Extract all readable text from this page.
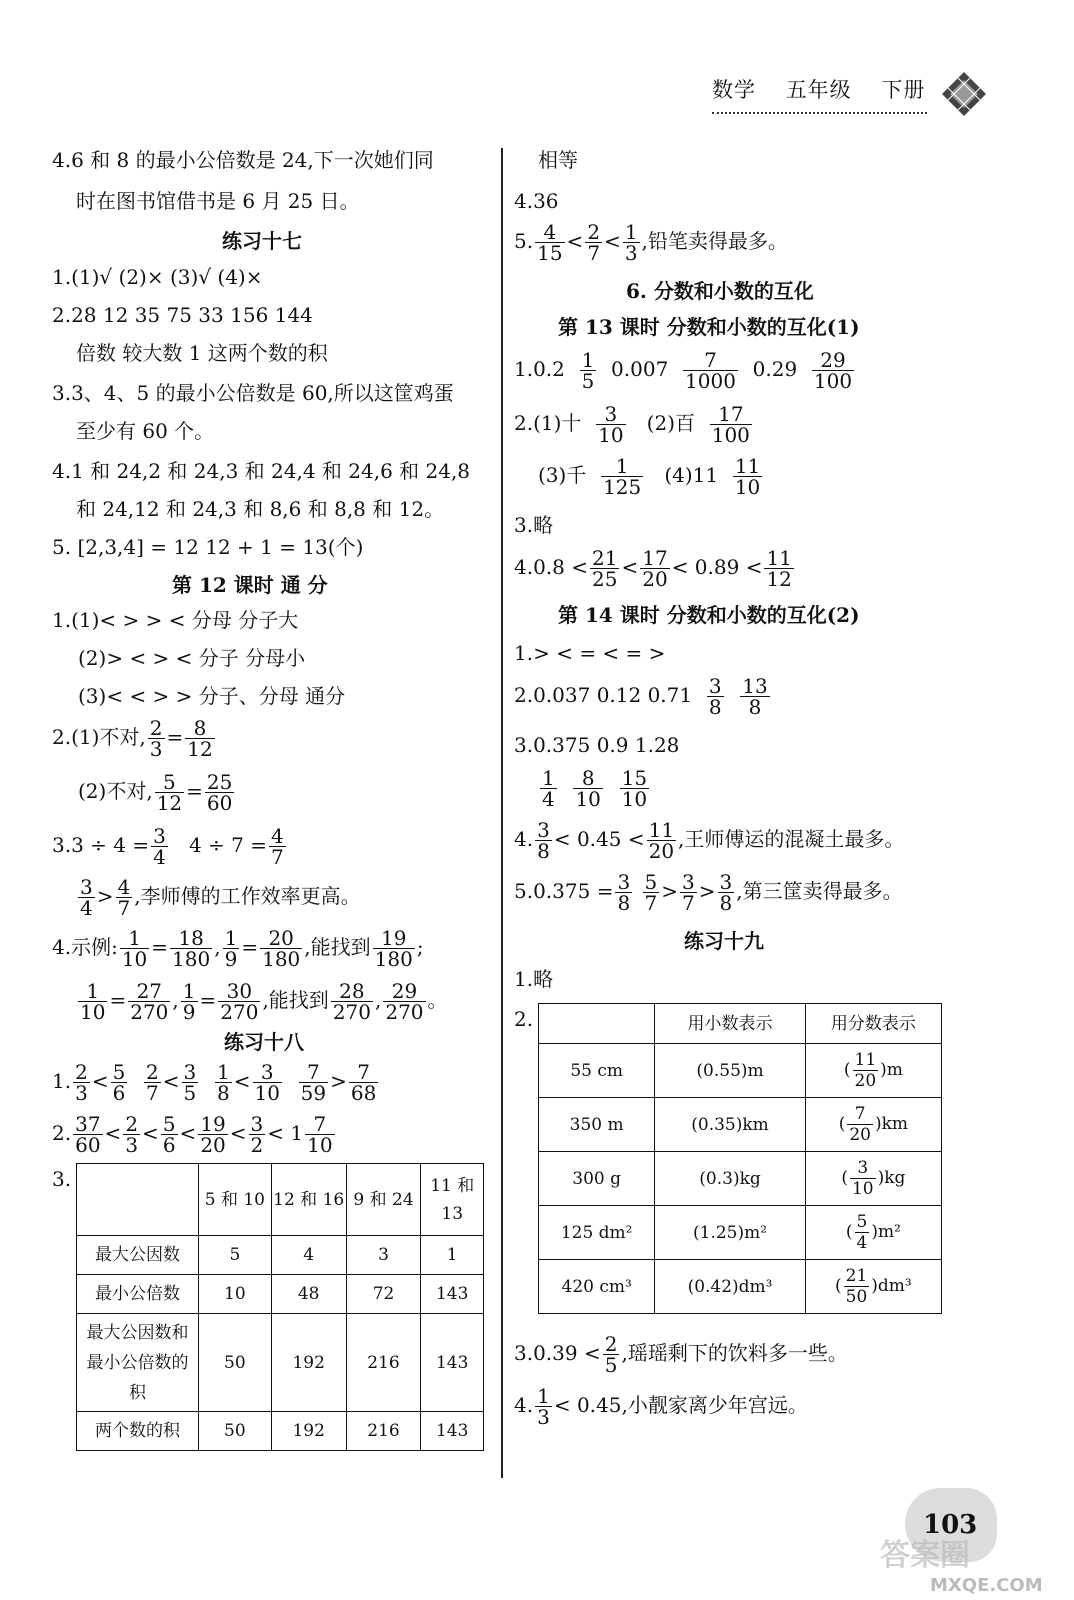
数学 五年级 下册
4.6 和 8 的最小公倍数是 24,下一次她们同
时在图书馆借书是 6 月 25 日。
练习十七
1.(1)√ (2)× (3)√ (4)×
2.28 12 35 75 33 156 144
倍数 较大数 1 这两个数的积
3.3、4、5 的最小公倍数是 60,所以这筐鸡蛋
至少有 60 个。
4.1 和 24,2 和 24,3 和 24,4 和 24,6 和 24,8
和 24,12 和 24,3 和 8,6 和 8,8 和 12。
5. [2,3,4] = 12 12 + 1 = 13(个)
第 12 课时 通 分
1.(1)< > > < 分母 分子大
(2)> < > < 分子 分母小
(3)< < > > 分子、分母 通分
2.(1)不对, $\frac{2}{3} = \frac{8}{12}$
(2)不对, $\frac{5}{12} = \frac{25}{60}$
$3.3 \div 4 = \frac{3}{4} 4 \div 7 = \frac{4}{7}$
$\frac{3}{4} > \frac{4}{7}$ ,李师傅的工作效率更高。
4.示例: $\frac{1}{10} = \frac{18}{180}$ , $\frac{1}{9} = \frac{20}{180}$ ,能找到 $\frac{19}{180}$ ;
$\frac{1}{10} = \frac{27}{270}$ , $\frac{1}{9} = \frac{30}{270}$ ,能找到 $\frac{28}{270}$ , $\frac{29}{270}$ 。
练习十八
1. $\frac{2}{3} < \frac{5}{6}$
$\frac{2}{7} < \frac{3}{5}$
$\frac{1}{8} < \frac{3}{10}$
$\frac{7}{59} > \frac{7}{68}$
2. $\frac{37}{60} < \frac{2}{3} < \frac{5}{6} < \frac{19}{20} < \frac{3}{2} < 1 \frac{7}{10}$
3.
	5 和 10	12 和 16	9 和 24	11 和 13
最大公因数	5	4	3	1
最小公倍数	10	48	72	143
最大公因数和最小公倍数的积	50	192	216	143
两个数的积	50	192	216	143
相等
4.36
5. $\frac{4}{15} < \frac{2}{7} < \frac{1}{3}$ ,铅笔卖得最多。
6. 分数和小数的互化
第 13 课时 分数和小数的互化(1)
$1.0.2 \frac{1}{5} 0.007 \frac{7}{1000} 0.29 \frac{29}{100}$
2.(1)十 $\frac{3}{10} (2)$百 $\frac{17}{100}$
(3)千 $\frac{1}{125} (4)11 \frac{11}{10}$
3.略
$4.0.8 < \frac{21}{25} < \frac{17}{20} < 0.89 < \frac{11}{12}$
第 14 课时 分数和小数的互化(2)
1.> < = < = >
2.0.037 0.12 $0.71 \frac{3}{8}$
$\frac{13}{8}$
3.0.375 0.9 1.28
$\frac{1}{4}$
$\frac{8}{10}$
$\frac{15}{10}$
4. $\frac{3}{8} < 0.45 < \frac{11}{20}$ ,王师傅运的混凝土最多。
$5.0.375 = \frac{3}{8}$
$\frac{5}{7} > \frac{3}{7} > \frac{3}{8}$ ,第三筐卖得最多。
练习十九
1.略
2.
		用小数表示	用分数表示
55 cm	(0.55)m	( $\frac{11}{20} )m$
350 m	(0.35)km	( $\frac{7}{20} )km$
300 g	(0.3)kg	( $\frac{3}{10} )kg$
125 dm²	(1.25)m²	( $\frac{5}{4} )m^2$
420 cm³	(0.42)dm³	( $\frac{21}{50} )dm^3$
$3.0.39 < \frac{2}{5}$ ,瑶瑶剩下的饮料多一些。
4. $\frac{1}{3} < 0.45$,小靓家离少年宫远。
103
答案圈
MXQE.COM
